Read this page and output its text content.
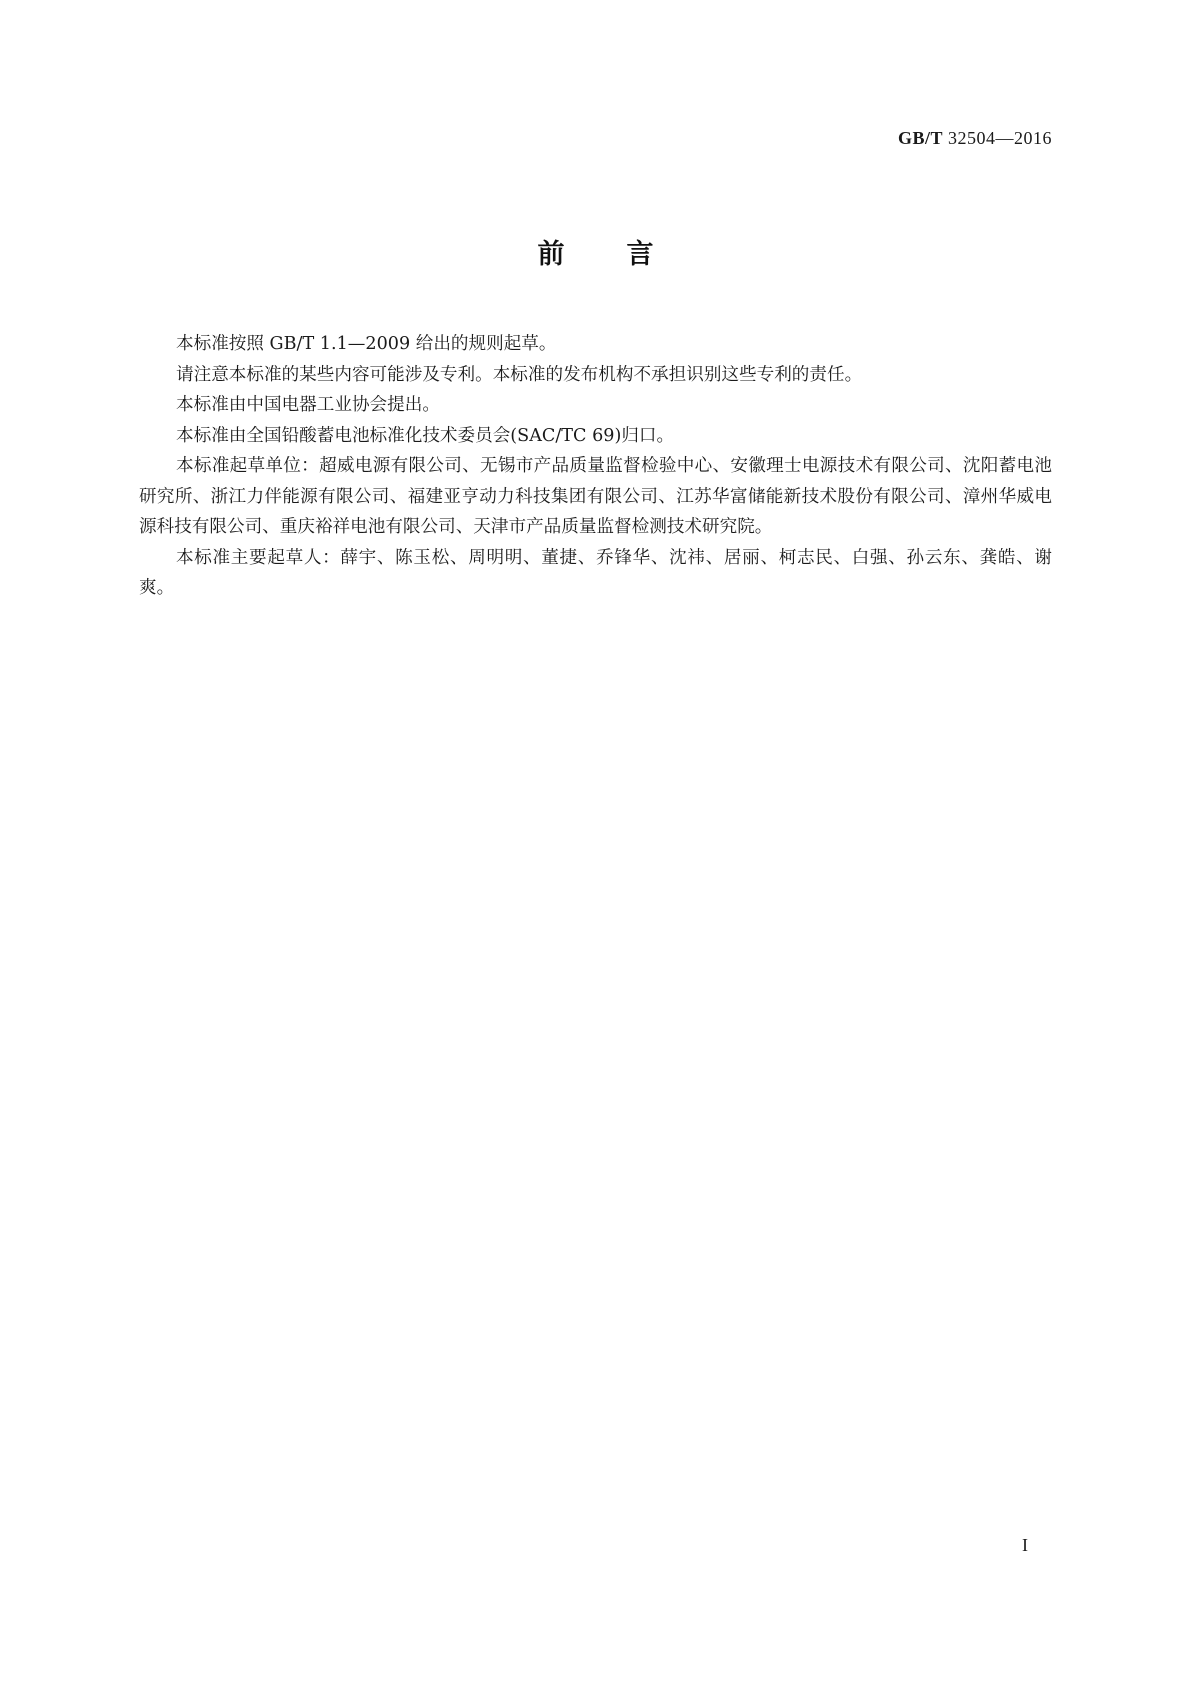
GB/T 32504—2016
前言

本标准按照 GB/T 1.1—2009 给出的规则起草。

请注意本标准的某些内容可能涉及专利。本标准的发布机构不承担识别这些专利的责任。

本标准由中国电器工业协会提出。

本标准由全国铅酸蓄电池标准化技术委员会(SAC/TC 69)归口。

本标准起草单位：超威电源有限公司、无锡市产品质量监督检验中心、安徽理士电源技术有限公司、沈阳蓄电池研究所、浙江力伴能源有限公司、福建亚亨动力科技集团有限公司、江苏华富储能新技术股份有限公司、漳州华威电源科技有限公司、重庆裕祥电池有限公司、天津市产品质量监督检测技术研究院。

本标准主要起草人：薛宇、陈玉松、周明明、董捷、乔锋华、沈祎、居丽、柯志民、白强、孙云东、龚皓、谢爽。

I
